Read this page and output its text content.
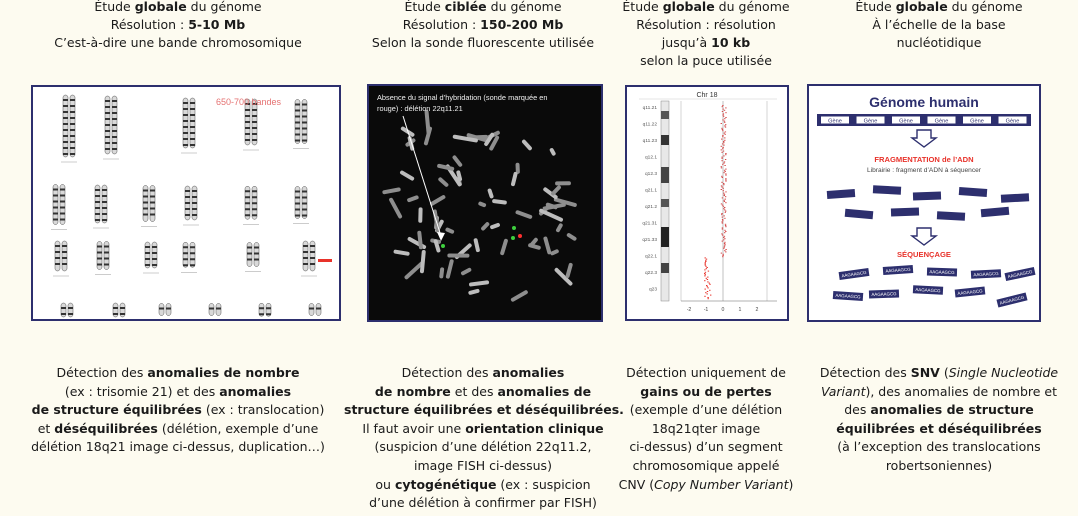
Étude globale du génome
Résolution : 5-10 Mb
C’est-à-dire une bande chromosomique
650-700 bandes
Détection des anomalies de nombre
(ex : trisomie 21) et des anomalies
de structure équilibrées (ex : translocation)
et déséquilibrées (délétion, exemple d’une
délétion 18q21 image ci-dessus, duplication…)
Étude ciblée du génome
Résolution : 150-200 Mb
Selon la sonde fluorescente utilisée
Absence du signal d’hybridation (sonde marquée en
rouge) : délétion 22q11.21
Détection des anomalies
de nombre et des anomalies de
structure équilibrées et déséquilibrées.
Il faut avoir une orientation clinique
(suspicion d’une délétion 22q11.2,
image FISH ci-dessus)
ou cytogénétique (ex : suspicion
d’une délétion à confirmer par FISH)
Étude globale du génome
Résolution : résolution
jusqu’à 10 kb
selon la puce utilisée
Chr 18
q11.21
q11.22
q11.23
q12.1
q12.3
q21.1
q21.2
q21.31
q21.33
q22.1
q22.3
q23
-2 -1	0	1	2
Détection uniquement de
gains ou de pertes
(exemple d’une délétion
18q21qter image
ci-dessus) d’un segment
chromosomique appelé
CNV (Copy Number Variant)
Étude globale du génome
À l’échelle de la base
nucléotidique
Génome humain
Gène	Gène	Gène	Gène	Gène	Gène
FRAGMENTATION de l’ADN
Librairie : fragment d’ADN à séquencer
SÉQUENÇAGE
AAGAAGCG	AAGAAGCG	AAGAAGCG	AAGAAGCG AAGAAGCG
AAGAAGCG AAGAAGCG
AAGAAGCG	AAGAAGCG
AAGAAGCG
Détection des SNV (Single Nucleotide
Variant), des anomalies de nombre et
des anomalies de structure
équilibrées et déséquilibrées
(à l’exception des translocations
robertsoniennes)
